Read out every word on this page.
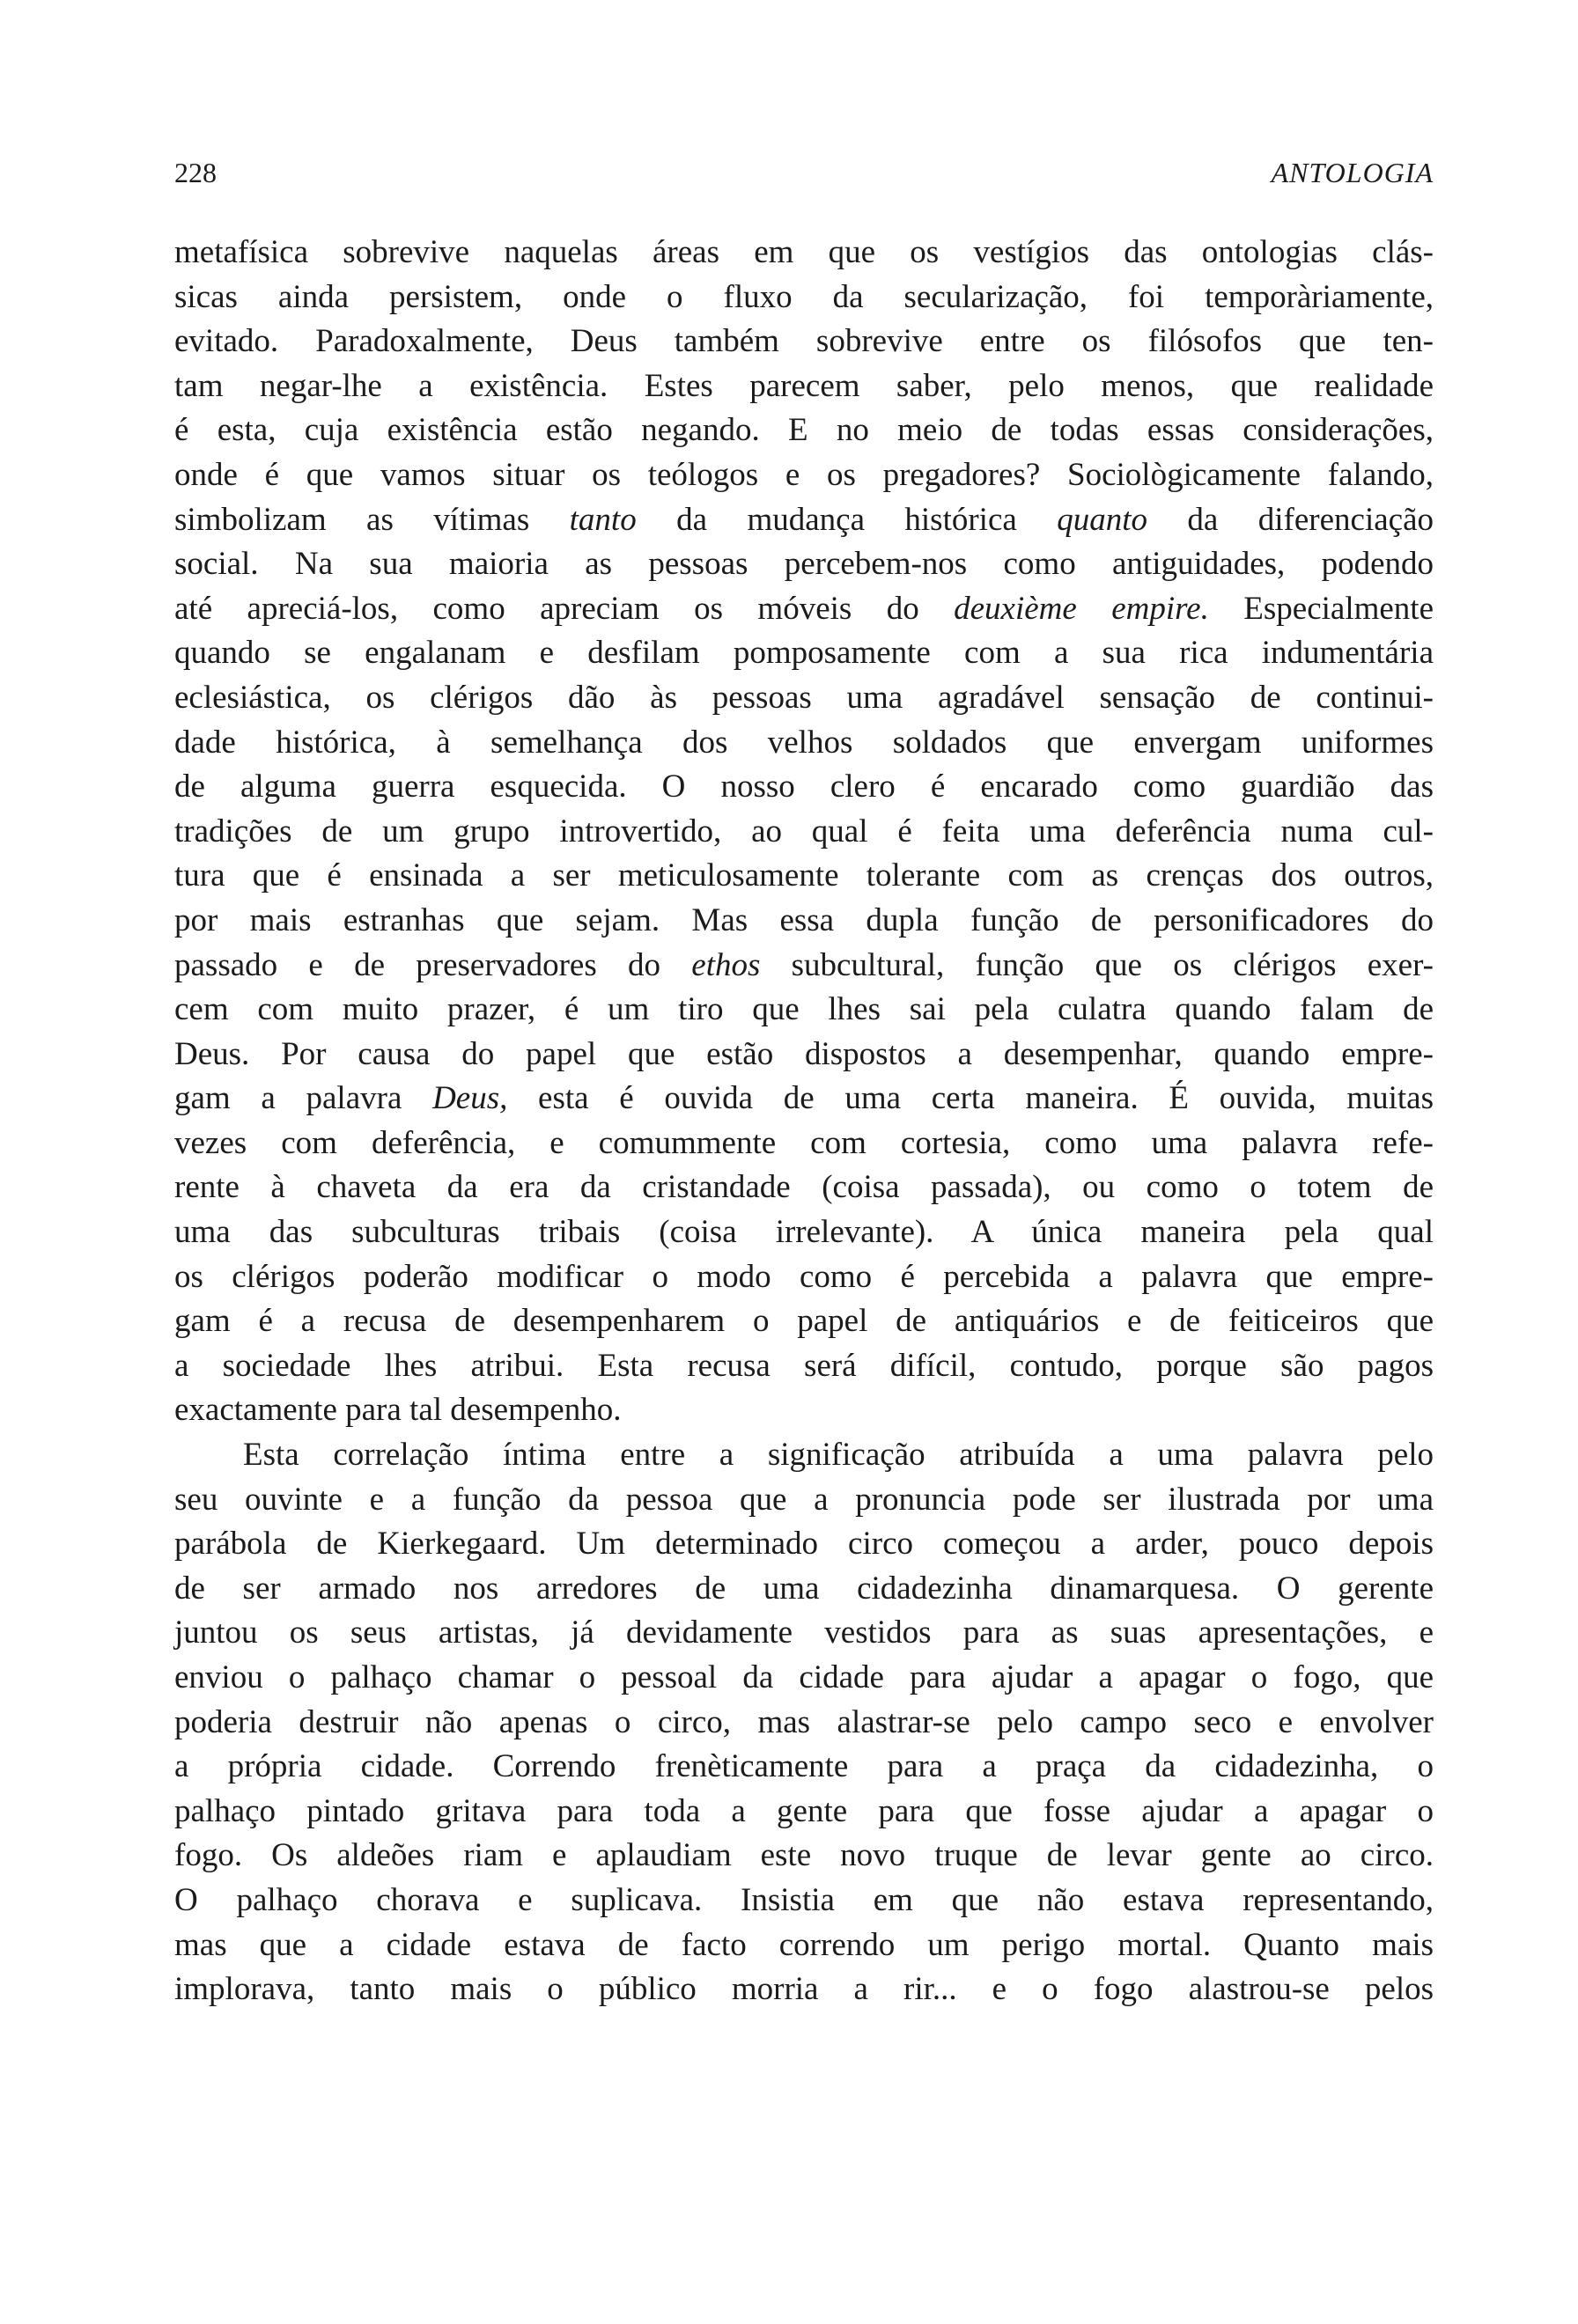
228	ANTOLOGIA
metafísica sobrevive naquelas áreas em que os vestígios das ontologias clás-
sicas ainda persistem, onde o fluxo da secularização, foi temporàriamente,
evitado. Paradoxalmente, Deus também sobrevive entre os filósofos que ten-
tam negar-lhe a existência. Estes parecem saber, pelo menos, que realidade
é esta, cuja existência estão negando. E no meio de todas essas considerações,
onde é que vamos situar os teólogos e os pregadores? Sociològicamente falando,
simbolizam as vítimas tanto da mudança histórica quanto da diferenciação
social. Na sua maioria as pessoas percebem-nos como antiguidades, podendo
até apreciá-los, como apreciam os móveis do deuxième empire. Especialmente
quando se engalanam e desfilam pomposamente com a sua rica indumentária
eclesiástica, os clérigos dão às pessoas uma agradável sensação de continui-
dade histórica, à semelhança dos velhos soldados que envergam uniformes
de alguma guerra esquecida. O nosso clero é encarado como guardião das
tradições de um grupo introvertido, ao qual é feita uma deferência numa cul-
tura que é ensinada a ser meticulosamente tolerante com as crenças dos outros,
por mais estranhas que sejam. Mas essa dupla função de personificadores do
passado e de preservadores do ethos subcultural, função que os clérigos exer-
cem com muito prazer, é um tiro que lhes sai pela culatra quando falam de
Deus. Por causa do papel que estão dispostos a desempenhar, quando empre-
gam a palavra Deus, esta é ouvida de uma certa maneira. É ouvida, muitas
vezes com deferência, e comummente com cortesia, como uma palavra refe-
rente à chaveta da era da cristandade (coisa passada), ou como o totem de
uma das subculturas tribais (coisa irrelevante). A única maneira pela qual
os clérigos poderão modificar o modo como é percebida a palavra que empre-
gam é a recusa de desempenharem o papel de antiquários e de feiticeiros que
a sociedade lhes atribui. Esta recusa será difícil, contudo, porque são pagos
exactamente para tal desempenho.
Esta correlação íntima entre a significação atribuída a uma palavra pelo
seu ouvinte e a função da pessoa que a pronuncia pode ser ilustrada por uma
parábola de Kierkegaard. Um determinado circo começou a arder, pouco depois
de ser armado nos arredores de uma cidadezinha dinamarquesa. O gerente
juntou os seus artistas, já devidamente vestidos para as suas apresentações, e
enviou o palhaço chamar o pessoal da cidade para ajudar a apagar o fogo, que
poderia destruir não apenas o circo, mas alastrar-se pelo campo seco e envolver
a própria cidade. Correndo frenèticamente para a praça da cidadezinha, o
palhaço pintado gritava para toda a gente para que fosse ajudar a apagar o
fogo. Os aldeões riam e aplaudiam este novo truque de levar gente ao circo.
O palhaço chorava e suplicava. Insistia em que não estava representando,
mas que a cidade estava de facto correndo um perigo mortal. Quanto mais
implorava, tanto mais o público morria a rir... e o fogo alastrou-se pelos
